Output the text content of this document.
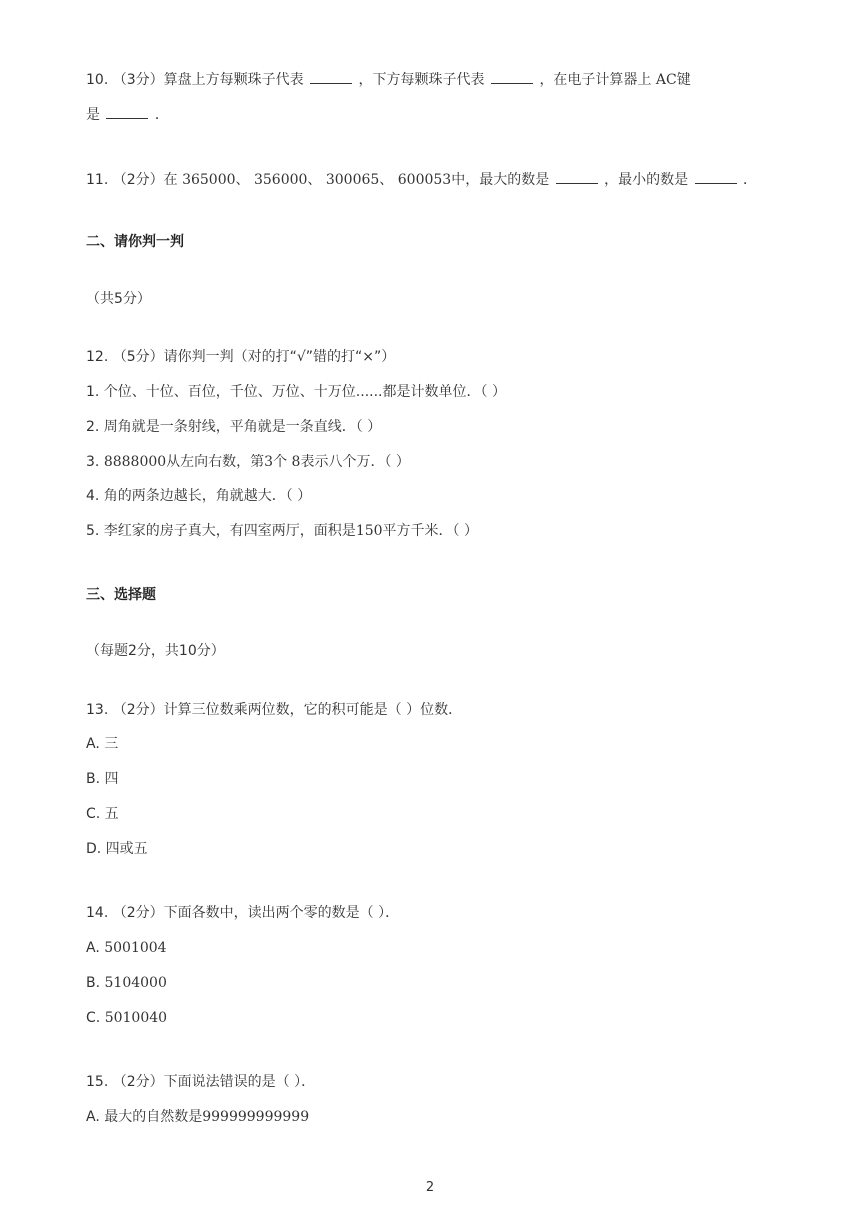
10. （3分）算盘上方每颗珠子代表	，下方每颗珠子代表	，在电子计算器上 AC键
是	．
11. （2分）在 365000、 356000、 300065、 600053中，最大的数是	，最小的数是	．
二、请你判一判
（共5分）
12. （5分）请你判一判（对的打“√”错的打“×”）
1. 个位、十位、百位，千位、万位、十万位......都是计数单位．（ ）
2. 周角就是一条射线，平角就是一条直线．（ ）
3. 8888000从左向右数，第3个 8表示八个万．（ ）
4. 角的两条边越长，角就越大．（ ）
5. 李红家的房子真大，有四室两厅，面积是150平方千米．（ ）
三、选择题
（每题2分，共10分）
13. （2分）计算三位数乘两位数，它的积可能是（ ）位数．
A. 三
B. 四
C. 五
D. 四或五
14. （2分）下面各数中，读出两个零的数是（ ）．
A. 5001004
B. 5104000
C. 5010040
15. （2分）下面说法错误的是（ ）．
A. 最大的自然数是999999999999
2
